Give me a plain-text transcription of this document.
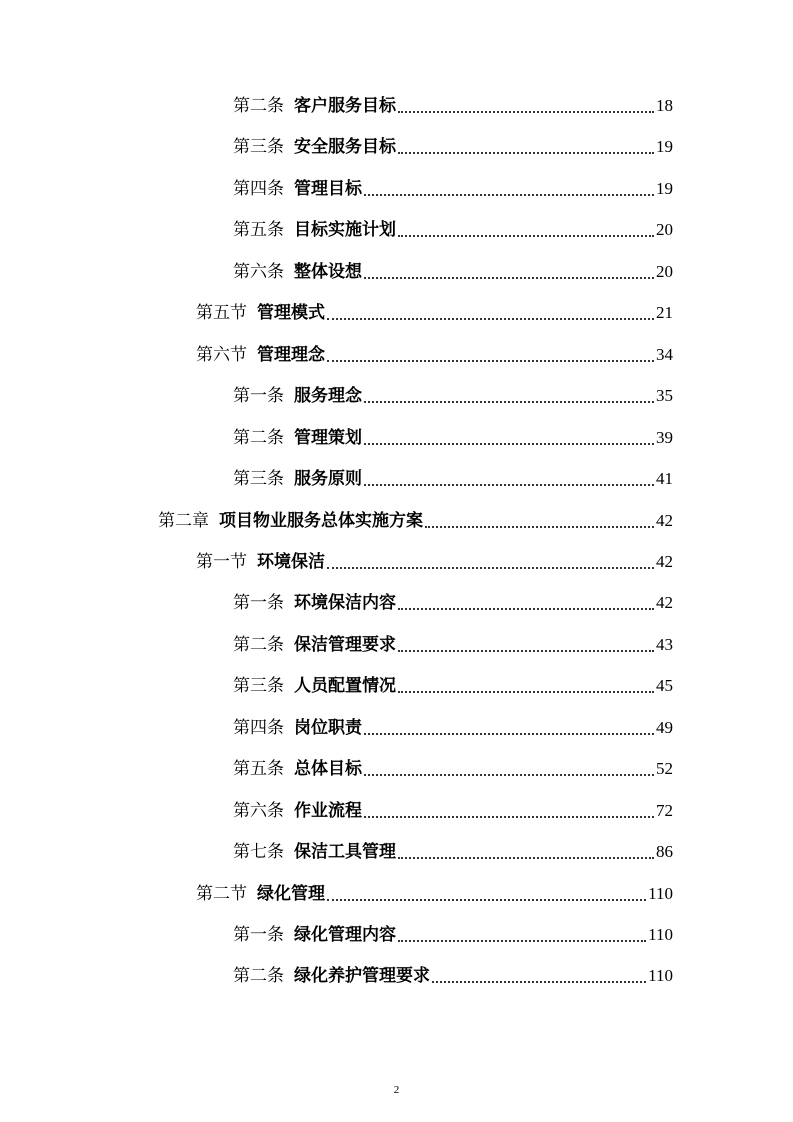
第二条 客户服务目标	18
第三条 安全服务目标	19
第四条 管理目标	19
第五条 目标实施计划	20
第六条 整体设想	20
第五节 管理模式	21
第六节 管理理念	34
第一条 服务理念	35
第二条 管理策划	39
第三条 服务原则	41
第二章 项目物业服务总体实施方案	42
第一节 环境保洁	42
第一条 环境保洁内容	42
第二条 保洁管理要求	43
第三条 人员配置情况	45
第四条 岗位职责	49
第五条 总体目标	52
第六条 作业流程	72
第七条 保洁工具管理	86
第二节 绿化管理	110
第一条 绿化管理内容	110
第二条 绿化养护管理要求	110
2
